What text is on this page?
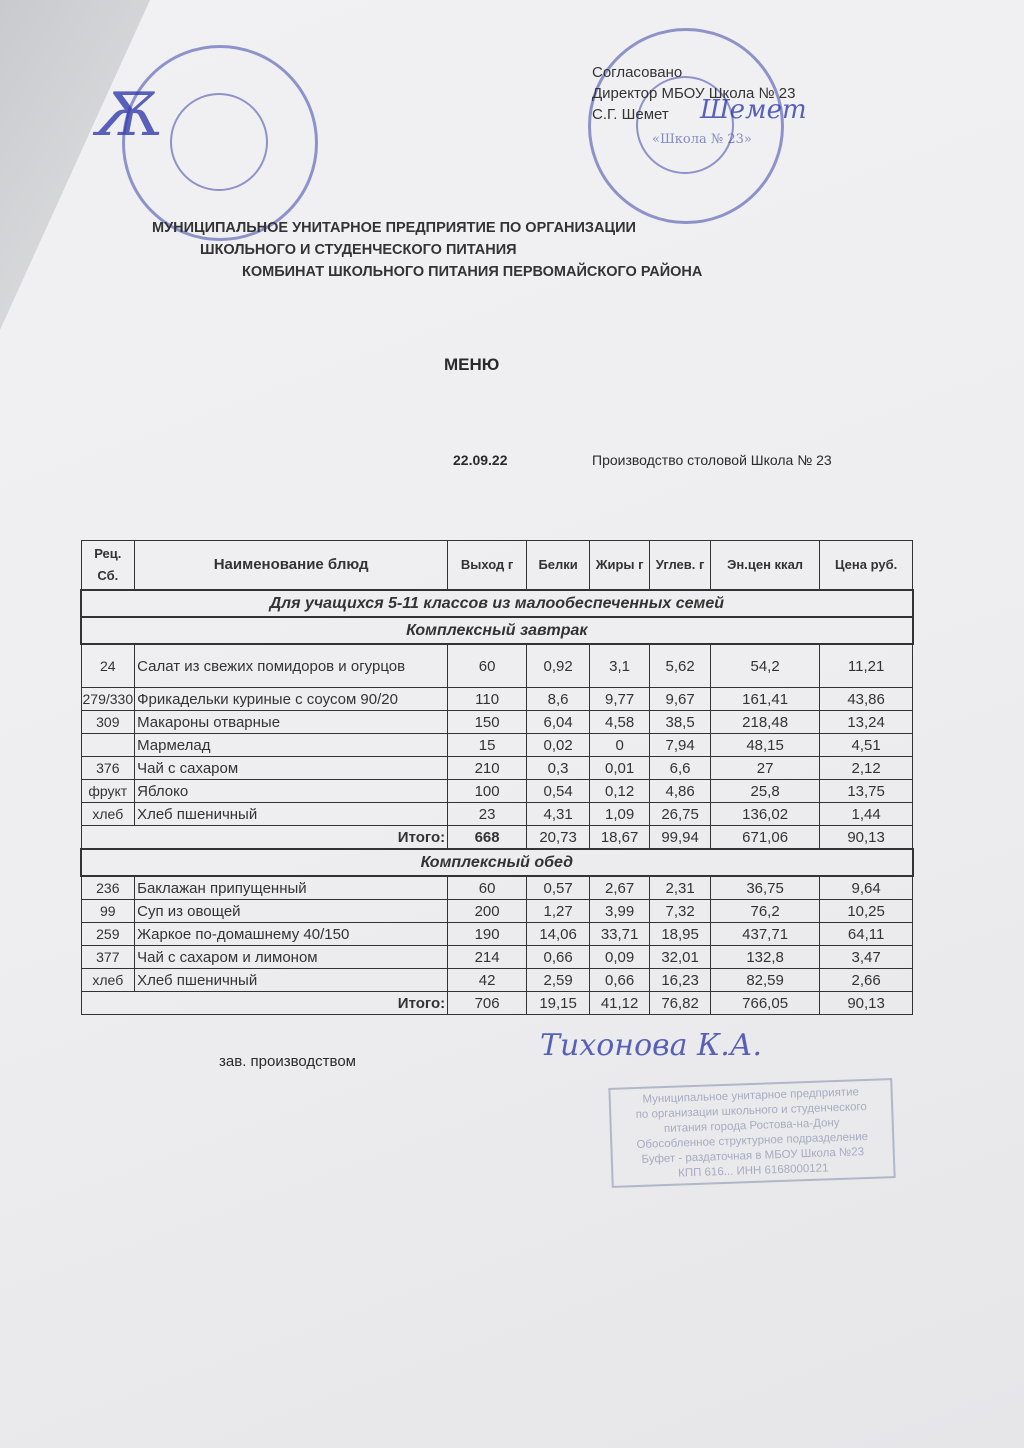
Ѫ
Согласовано
Директор МБОУ Школа № 23
С.Г. Шемет	Шемет
МУНИЦИПАЛЬНОЕ УНИТАРНОЕ ПРЕДПРИЯТИЕ ПО ОРГАНИЗАЦИИ
ШКОЛЬНОГО И СТУДЕНЧЕСКОГО ПИТАНИЯ
КОМБИНАТ ШКОЛЬНОГО ПИТАНИЯ ПЕРВОМАЙСКОГО РАЙОНА
МЕНЮ
22.09.22	Производство столовой Школа № 23
Рец. Сб.	Наименование блюд	Выход г	Белки	Жиры г	Углев. г	Эн.цен ккал	Цена руб.
Для учащихся 5-11 классов из малообеспеченных семей							
Комплексный завтрак							
24	Салат из свежих помидоров и огурцов	60	0,92	3,1	5,62	54,2	11,21
279/330	Фрикадельки куриные с соусом 90/20	110	8,6	9,77	9,67	161,41	43,86
309	Макароны отварные	150	6,04	4,58	38,5	218,48	13,24
	Мармелад	15	0,02	0	7,94	48,15	4,51
376	Чай с сахаром	210	0,3	0,01	6,6	27	2,12
фрукт	Яблоко	100	0,54	0,12	4,86	25,8	13,75
хлеб	Хлеб пшеничный	23	4,31	1,09	26,75	136,02	1,44
Итого:		668	20,73	18,67	99,94	671,06	90,13
Комплексный обед							
236	Баклажан припущенный	60	0,57	2,67	2,31	36,75	9,64
99	Суп из овощей	200	1,27	3,99	7,32	76,2	10,25
259	Жаркое по-домашнему 40/150	190	14,06	33,71	18,95	437,71	64,11
377	Чай с сахаром и лимоном	214	0,66	0,09	32,01	132,8	3,47
хлеб	Хлеб пшеничный	42	2,59	0,66	16,23	82,59	2,66
Итого:		706	19,15	41,12	76,82	766,05	90,13
зав. производством	Тихонова К.А.
Муниципальное унитарное предприятие
по организации школьного и студенческого
питания города Ростова-на-Дону
Обособленное структурное подразделение
Буфет - раздаточная в МБОУ Школа №23
КПП 616... ИНН 6168000121
«Школа № 23»
